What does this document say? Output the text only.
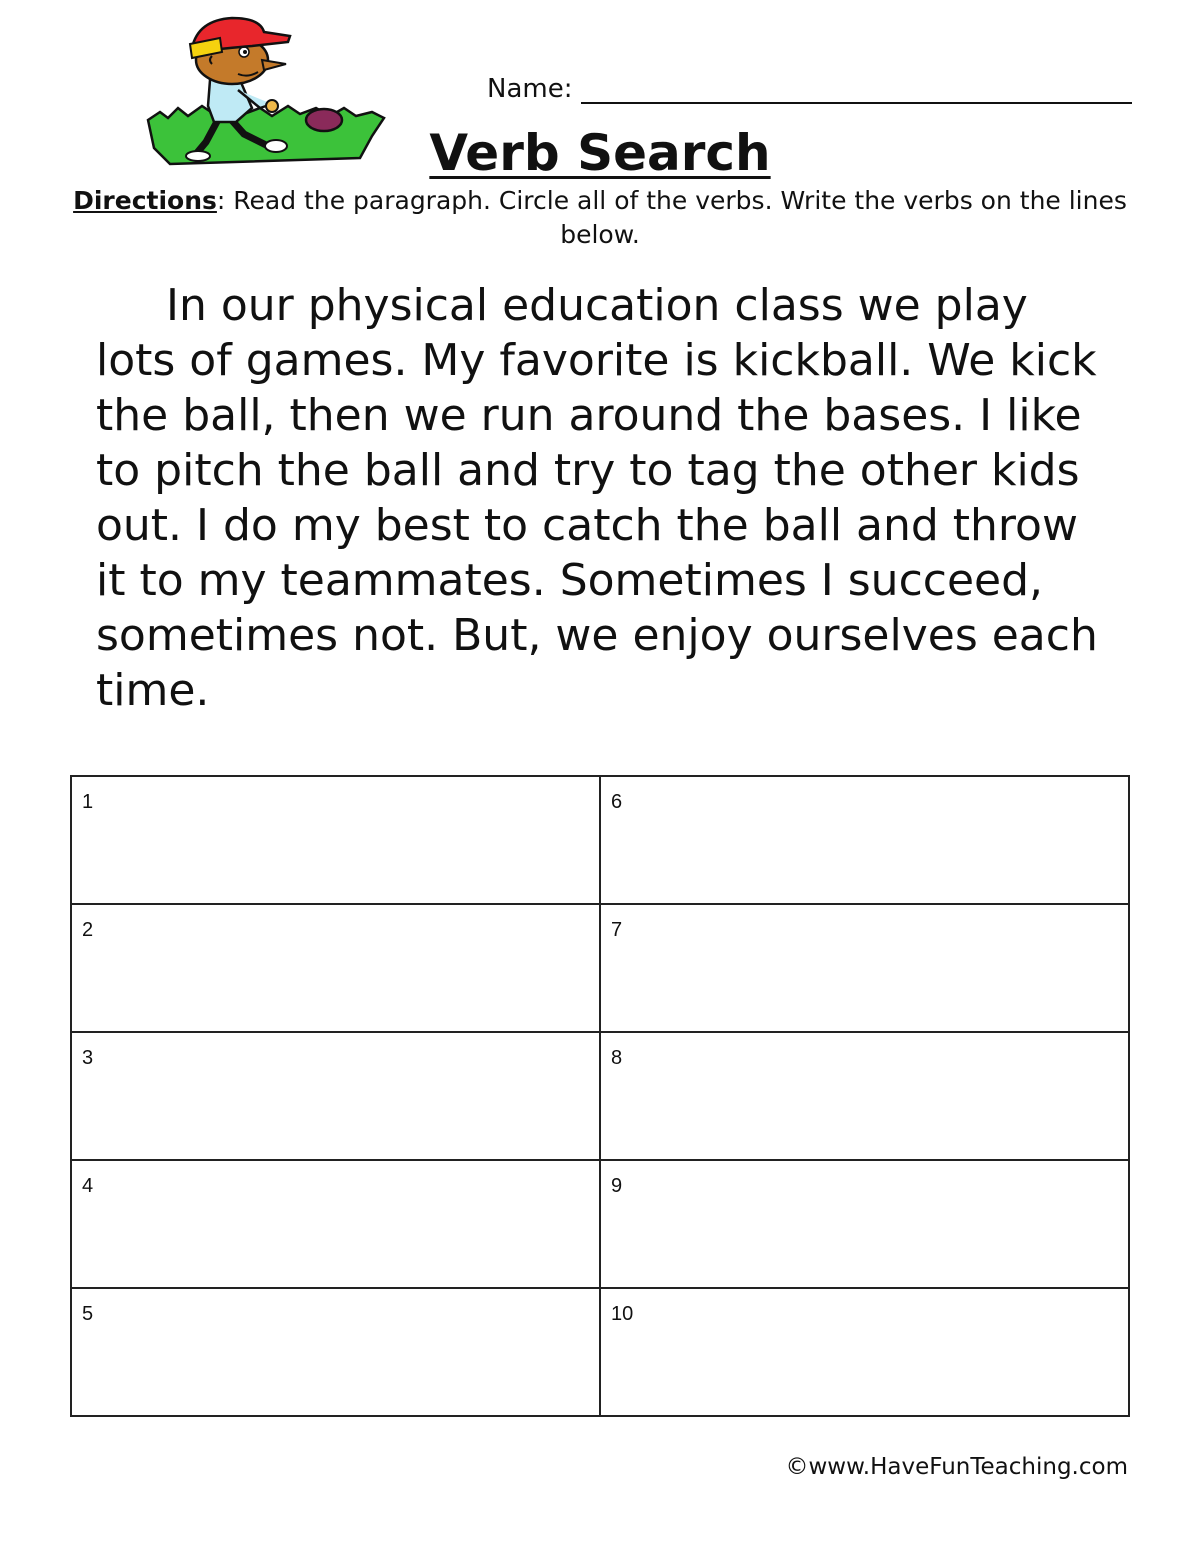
Name:
Verb Search
Directions: Read the paragraph. Circle all of the verbs. Write the verbs on the lines below.
In our physical education class we play lots of games. My favorite is kickball. We kick the ball, then we run around the bases. I like to pitch the ball and try to tag the other kids out. I do my best to catch the ball and throw it to my teammates. Sometimes I succeed, sometimes not. But, we enjoy ourselves each time.
1	6
2	7
3	8
4	9
5	10
©www.HaveFunTeaching.com
